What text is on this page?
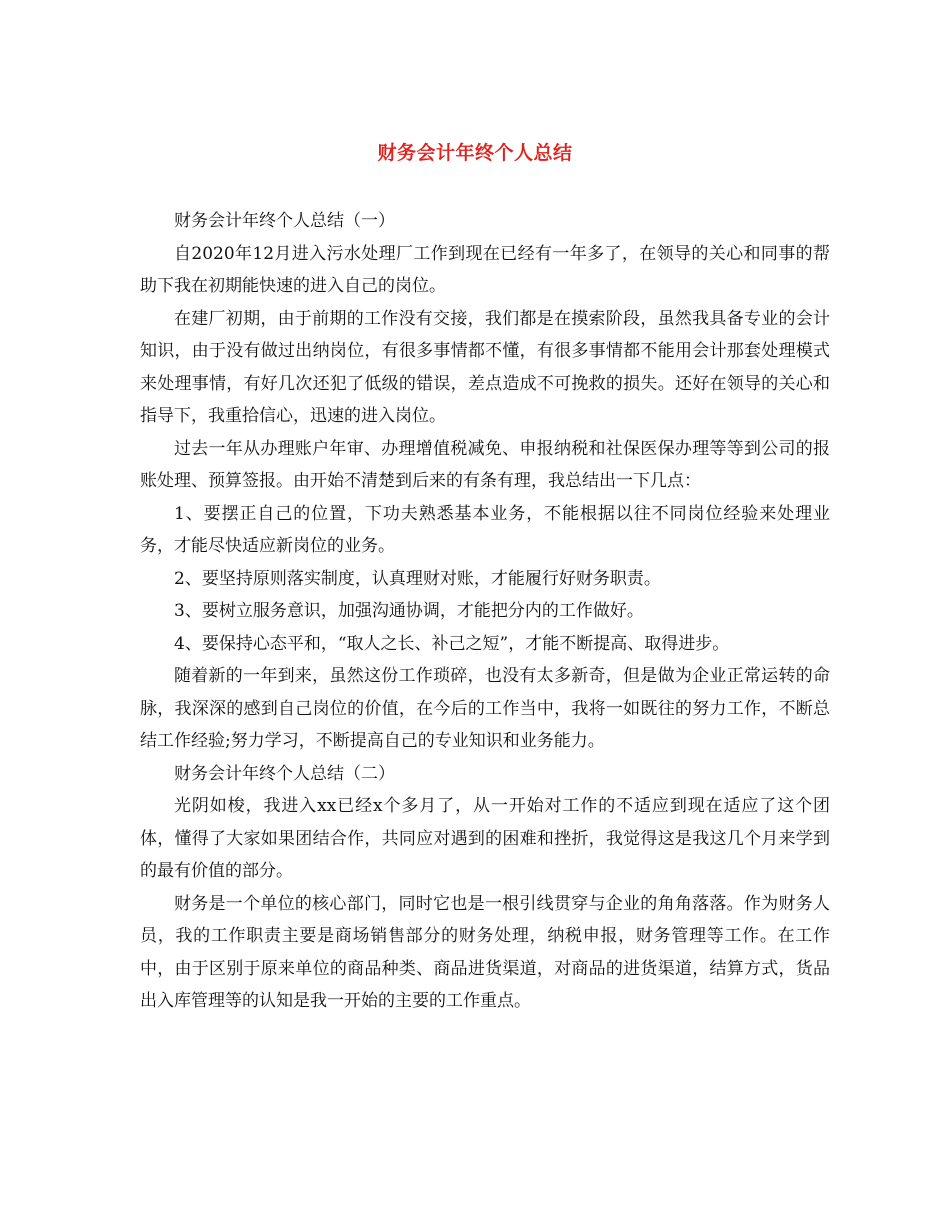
财务会计年终个人总结

财务会计年终个人总结（一）

自2020年12月进入污水处理厂工作到现在已经有一年多了，在领导的关心和同事的帮助下我在初期能快速的进入自己的岗位。

在建厂初期，由于前期的工作没有交接，我们都是在摸索阶段，虽然我具备专业的会计知识，由于没有做过出纳岗位，有很多事情都不懂，有很多事情都不能用会计那套处理模式来处理事情，有好几次还犯了低级的错误，差点造成不可挽救的损失。还好在领导的关心和指导下，我重拾信心，迅速的进入岗位。

过去一年从办理账户年审、办理增值税减免、申报纳税和社保医保办理等等到公司的报账处理、预算签报。由开始不清楚到后来的有条有理，我总结出一下几点：

1、要摆正自己的位置，下功夫熟悉基本业务，不能根据以往不同岗位经验来处理业务，才能尽快适应新岗位的业务。

2、要坚持原则落实制度，认真理财对账，才能履行好财务职责。

3、要树立服务意识，加强沟通协调，才能把分内的工作做好。

4、要保持心态平和，“取人之长、补己之短”，才能不断提高、取得进步。

随着新的一年到来，虽然这份工作琐碎，也没有太多新奇，但是做为企业正常运转的命脉，我深深的感到自己岗位的价值，在今后的工作当中，我将一如既往的努力工作，不断总结工作经验;努力学习，不断提高自己的专业知识和业务能力。

财务会计年终个人总结（二）

光阴如梭，我进入xx已经x个多月了，从一开始对工作的不适应到现在适应了这个团体，懂得了大家如果团结合作，共同应对遇到的困难和挫折，我觉得这是我这几个月来学到的最有价值的部分。

财务是一个单位的核心部门，同时它也是一根引线贯穿与企业的角角落落。作为财务人员，我的工作职责主要是商场销售部分的财务处理，纳税申报，财务管理等工作。在工作中，由于区别于原来单位的商品种类、商品进货渠道，对商品的进货渠道，结算方式，货品出入库管理等的认知是我一开始的主要的工作重点。
